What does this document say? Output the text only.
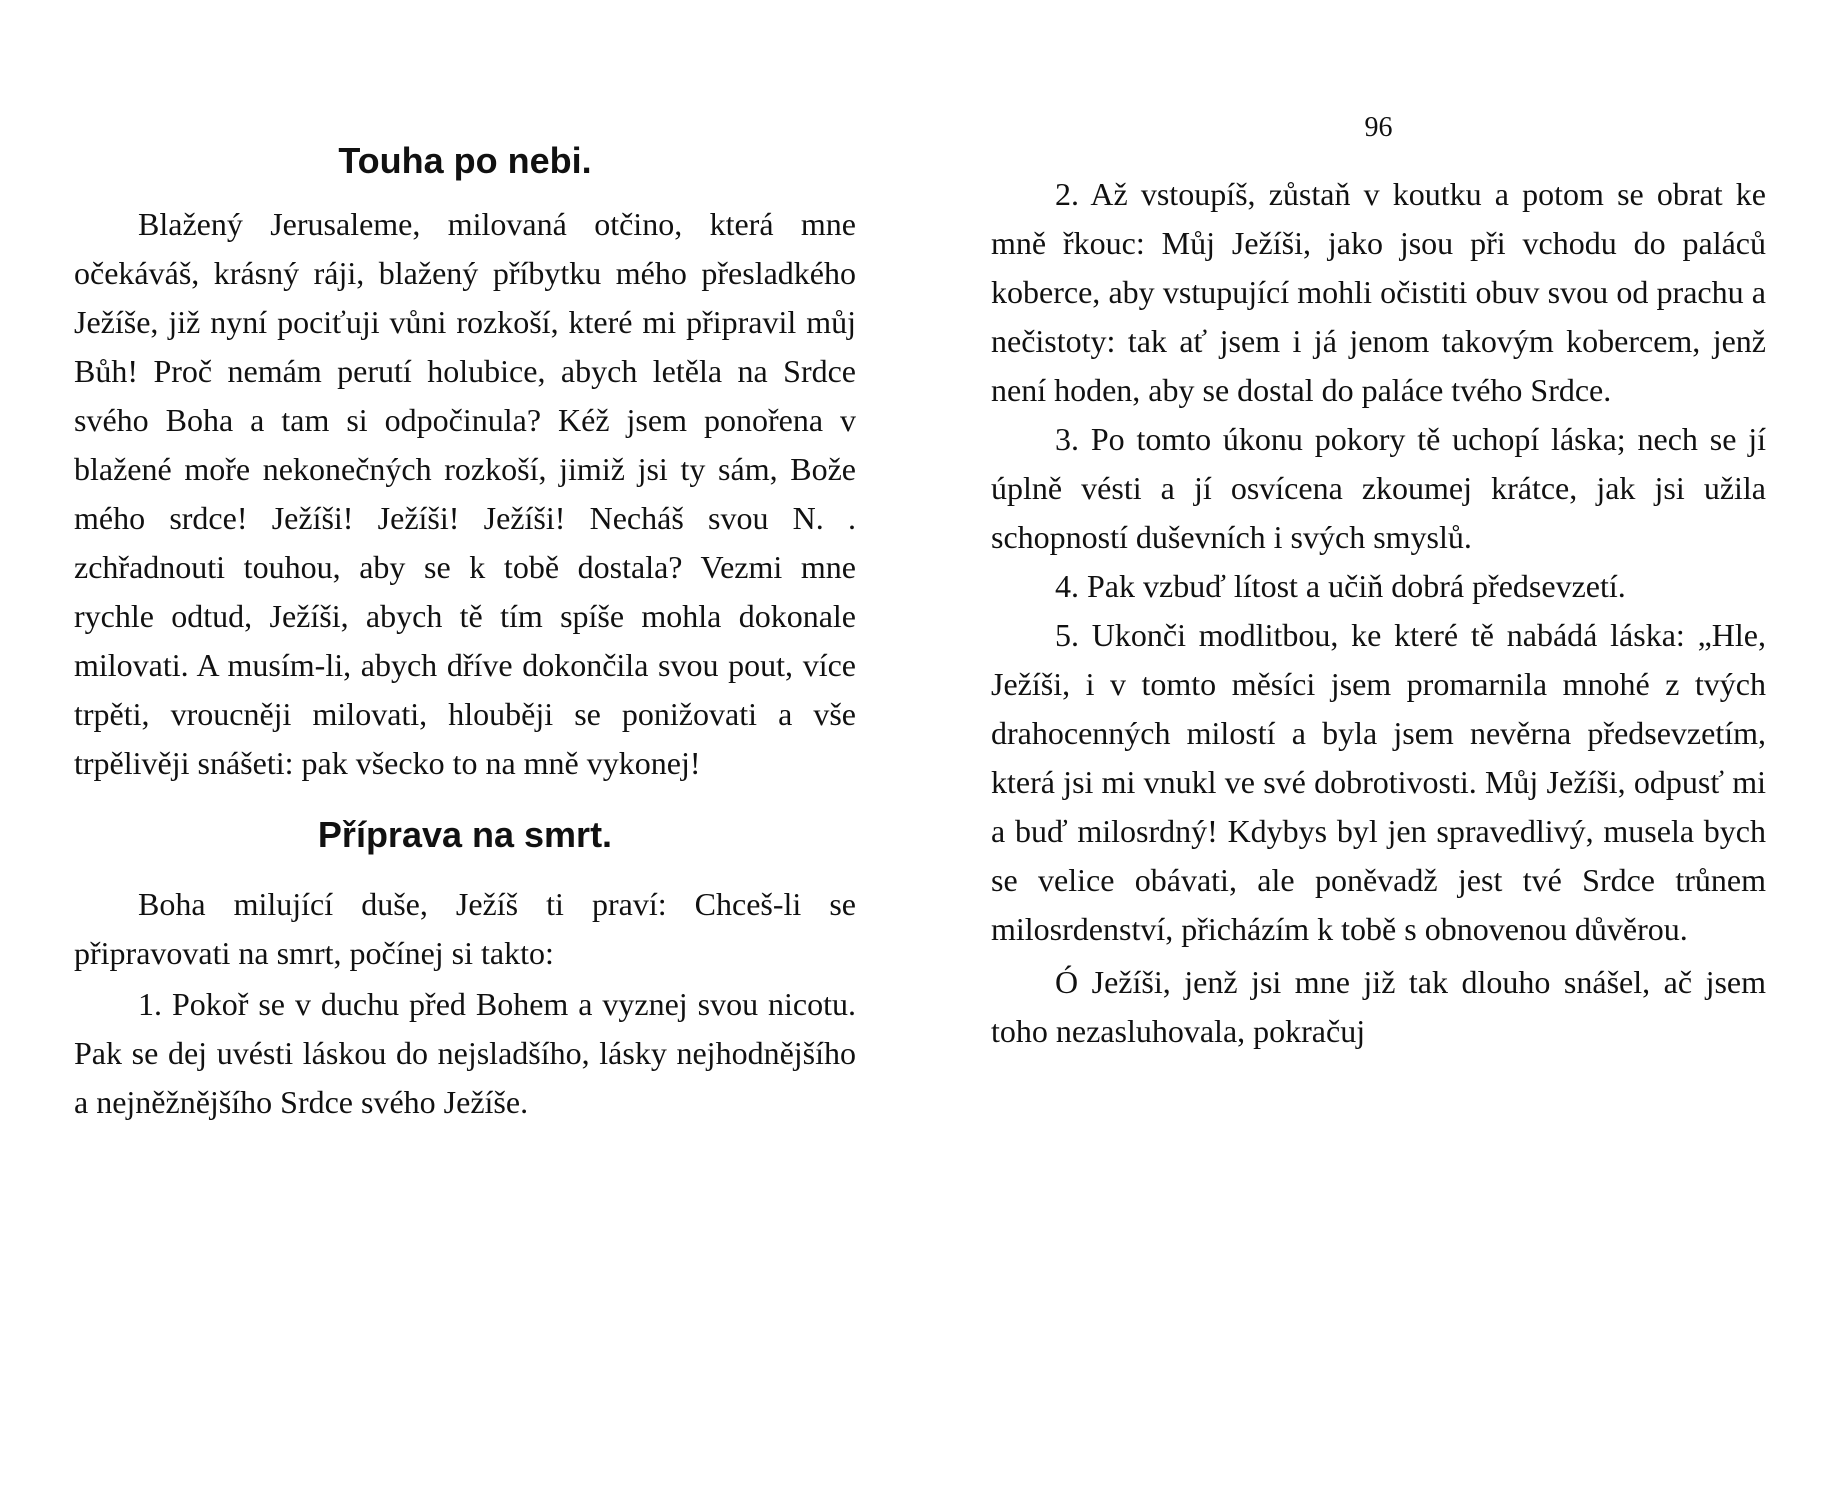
Touha po nebi.

Blažený Jerusaleme, milovaná otčino, která mne očekáváš, krásný ráji, blažený příbytku mého přesladkého Ježíše, již nyní pociťuji vůni rozkoší, které mi připravil můj Bůh! Proč nemám perutí holubice, abych letěla na Srdce svého Boha a tam si odpočinula? Kéž jsem ponořena v blažené moře nekonečných rozkoší, jimiž jsi ty sám, Bože mého srdce! Ježíši! Ježíši! Ježíši! Necháš svou N. . zchřadnouti touhou, aby se k tobě dostala? Vezmi mne rychle odtud, Ježíši, abych tě tím spíše mohla dokonale milovati. A musím-li, abych dříve dokončila svou pout, více trpěti, vroucněji milovati, hlouběji se ponižovati a vše trpělivěji snášeti: pak všecko to na mně vykonej!

Příprava na smrt.

Boha milující duše, Ježíš ti praví: Chceš-li se připravovati na smrt, počínej si takto:

1. Pokoř se v duchu před Bohem a vyznej svou nicotu. Pak se dej uvésti láskou do nejsladšího, lásky nejhodnějšího a nejněžnějšího Srdce svého Ježíše.

96

2. Až vstoupíš, zůstaň v koutku a potom se obrat ke mně řkouc: Můj Ježíši, jako jsou při vchodu do paláců koberce, aby vstupující mohli očistiti obuv svou od prachu a nečistoty: tak ať jsem i já jenom takovým kobercem, jenž není hoden, aby se dostal do paláce tvého Srdce.

3. Po tomto úkonu pokory tě uchopí láska; nech se jí úplně vésti a jí osvícena zkoumej krátce, jak jsi užila schopností duševních i svých smyslů.

4. Pak vzbuď lítost a učiň dobrá předsevzetí.

5. Ukonči modlitbou, ke které tě nabádá láska: „Hle, Ježíši, i v tomto měsíci jsem promarnila mnohé z tvých drahocenných milostí a byla jsem nevěrna předsevzetím, která jsi mi vnukl ve své dobrotivosti. Můj Ježíši, odpusť mi a buď milosrdný! Kdybys byl jen spravedlivý, musela bych se velice obávati, ale poněvadž jest tvé Srdce trůnem milosrdenství, přicházím k tobě s obnovenou důvěrou.

Ó Ježíši, jenž jsi mne již tak dlouho snášel, ač jsem toho nezasluhovala, pokračuj
